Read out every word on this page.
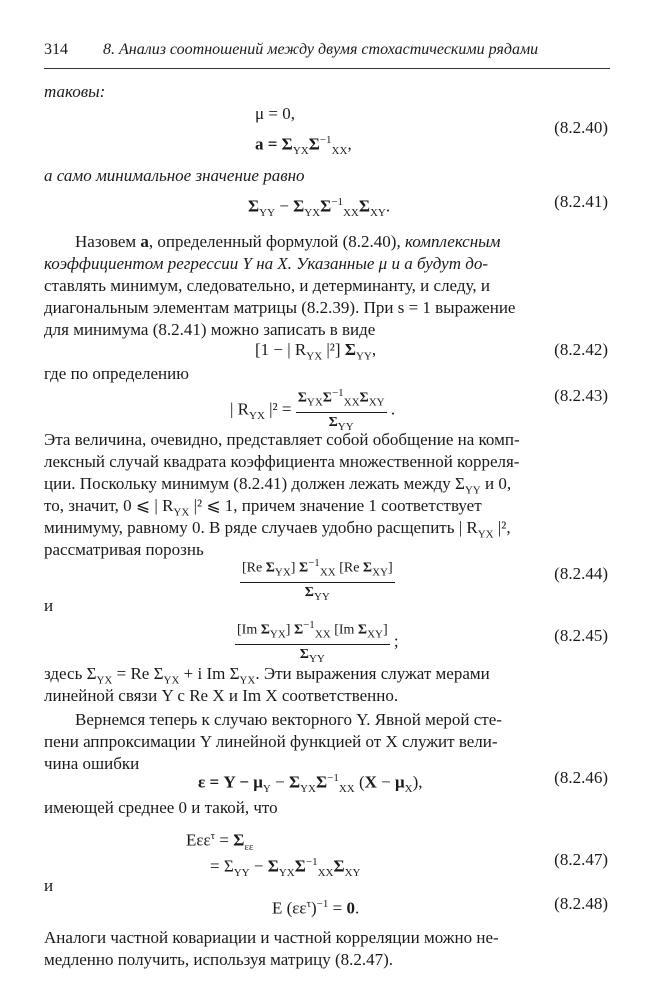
314 8. Анализ соотношений между двумя стохастическими рядами
таковы:
μ = 0,
$a = \Sigma_{YX}\Sigma^{-1}_{XX}$,
(8.2.40)
а само минимальное значение равно
$\Sigma_{YY} - \Sigma_{YX}\Sigma^{-1}_{XX}\Sigma_{XY}$.	(8.2.41)
Назовем a, определенный формулой (8.2.40), комплексным
коэффициентом регрессии Y на X. Указанные μ и a будут до-
ставлять минимум, следовательно, и детерминанту, и следу, и
диагональным элементам матрицы (8.2.39). При s = 1 выражение
для минимума (8.2.41) можно записать в виде
[1 − | $R_{YX}$ |²] $\Sigma_{YY}$,	(8.2.42)
где по определению
| $R_{YX}$ $|^2 = \frac{\Sigma_{YX}\Sigma^{-1}_{XX}\Sigma_{XY}}{\Sigma_{YY}}$ .
(8.2.43)
Эта величина, очевидно, представляет собой обобщение на комп-
лексный случай квадрата коэффициента множественной корреля-
ции. Поскольку минимум (8.2.41) должен лежать между $\Sigma_{YY}$ и 0,
то, значит, 0 ⩽ | $R_{YX}$ |² ⩽ 1, причем значение 1 соответствует
минимуму, равному 0. В ряде случаев удобно расщепить | $R_{YX}$ |²,
рассматривая порознь
$\frac{[Re \Sigma_{YX}] \Sigma^{-1}_{XX} [Re \Sigma_{XY}]}{\Sigma_{YY}}$	(8.2.44)
и
$\frac{[Im \Sigma_{YX}] \Sigma^{-1}_{XX} [Im \Sigma_{XY}]}{\Sigma_{YY}}$ ;	(8.2.45)
здесь $\Sigma_{YX} = Re$ $\Sigma_{YX} + i$ Im $\Sigma_{YX}$. Эти выражения служат мерами
линейной связи Y с Re X и Im X соответственно.
Вернемся теперь к случаю векторного Y. Явной мерой сте-
пени аппроксимации Y линейной функцией от X служит вели-
чина ошибки
$\varepsilon = Y - \mu_Y - \Sigma_{YX}\Sigma^{-1}_{XX}$ $(X - \mu_X)$,	(8.2.46)
имеющей среднее 0 и такой, что
$E\varepsilon\varepsilon^\tau = \Sigma_{\varepsilon\varepsilon}$
= $\Sigma_{YY} - \Sigma_{YX}\Sigma^{-1}_{XX}\Sigma_{XY}$
(8.2.47)
и
E $(\varepsilon\varepsilon^\tau)^{-1} = 0$.	(8.2.48)
Аналоги частной ковариации и частной корреляции можно не-
медленно получить, используя матрицу (8.2.47).
